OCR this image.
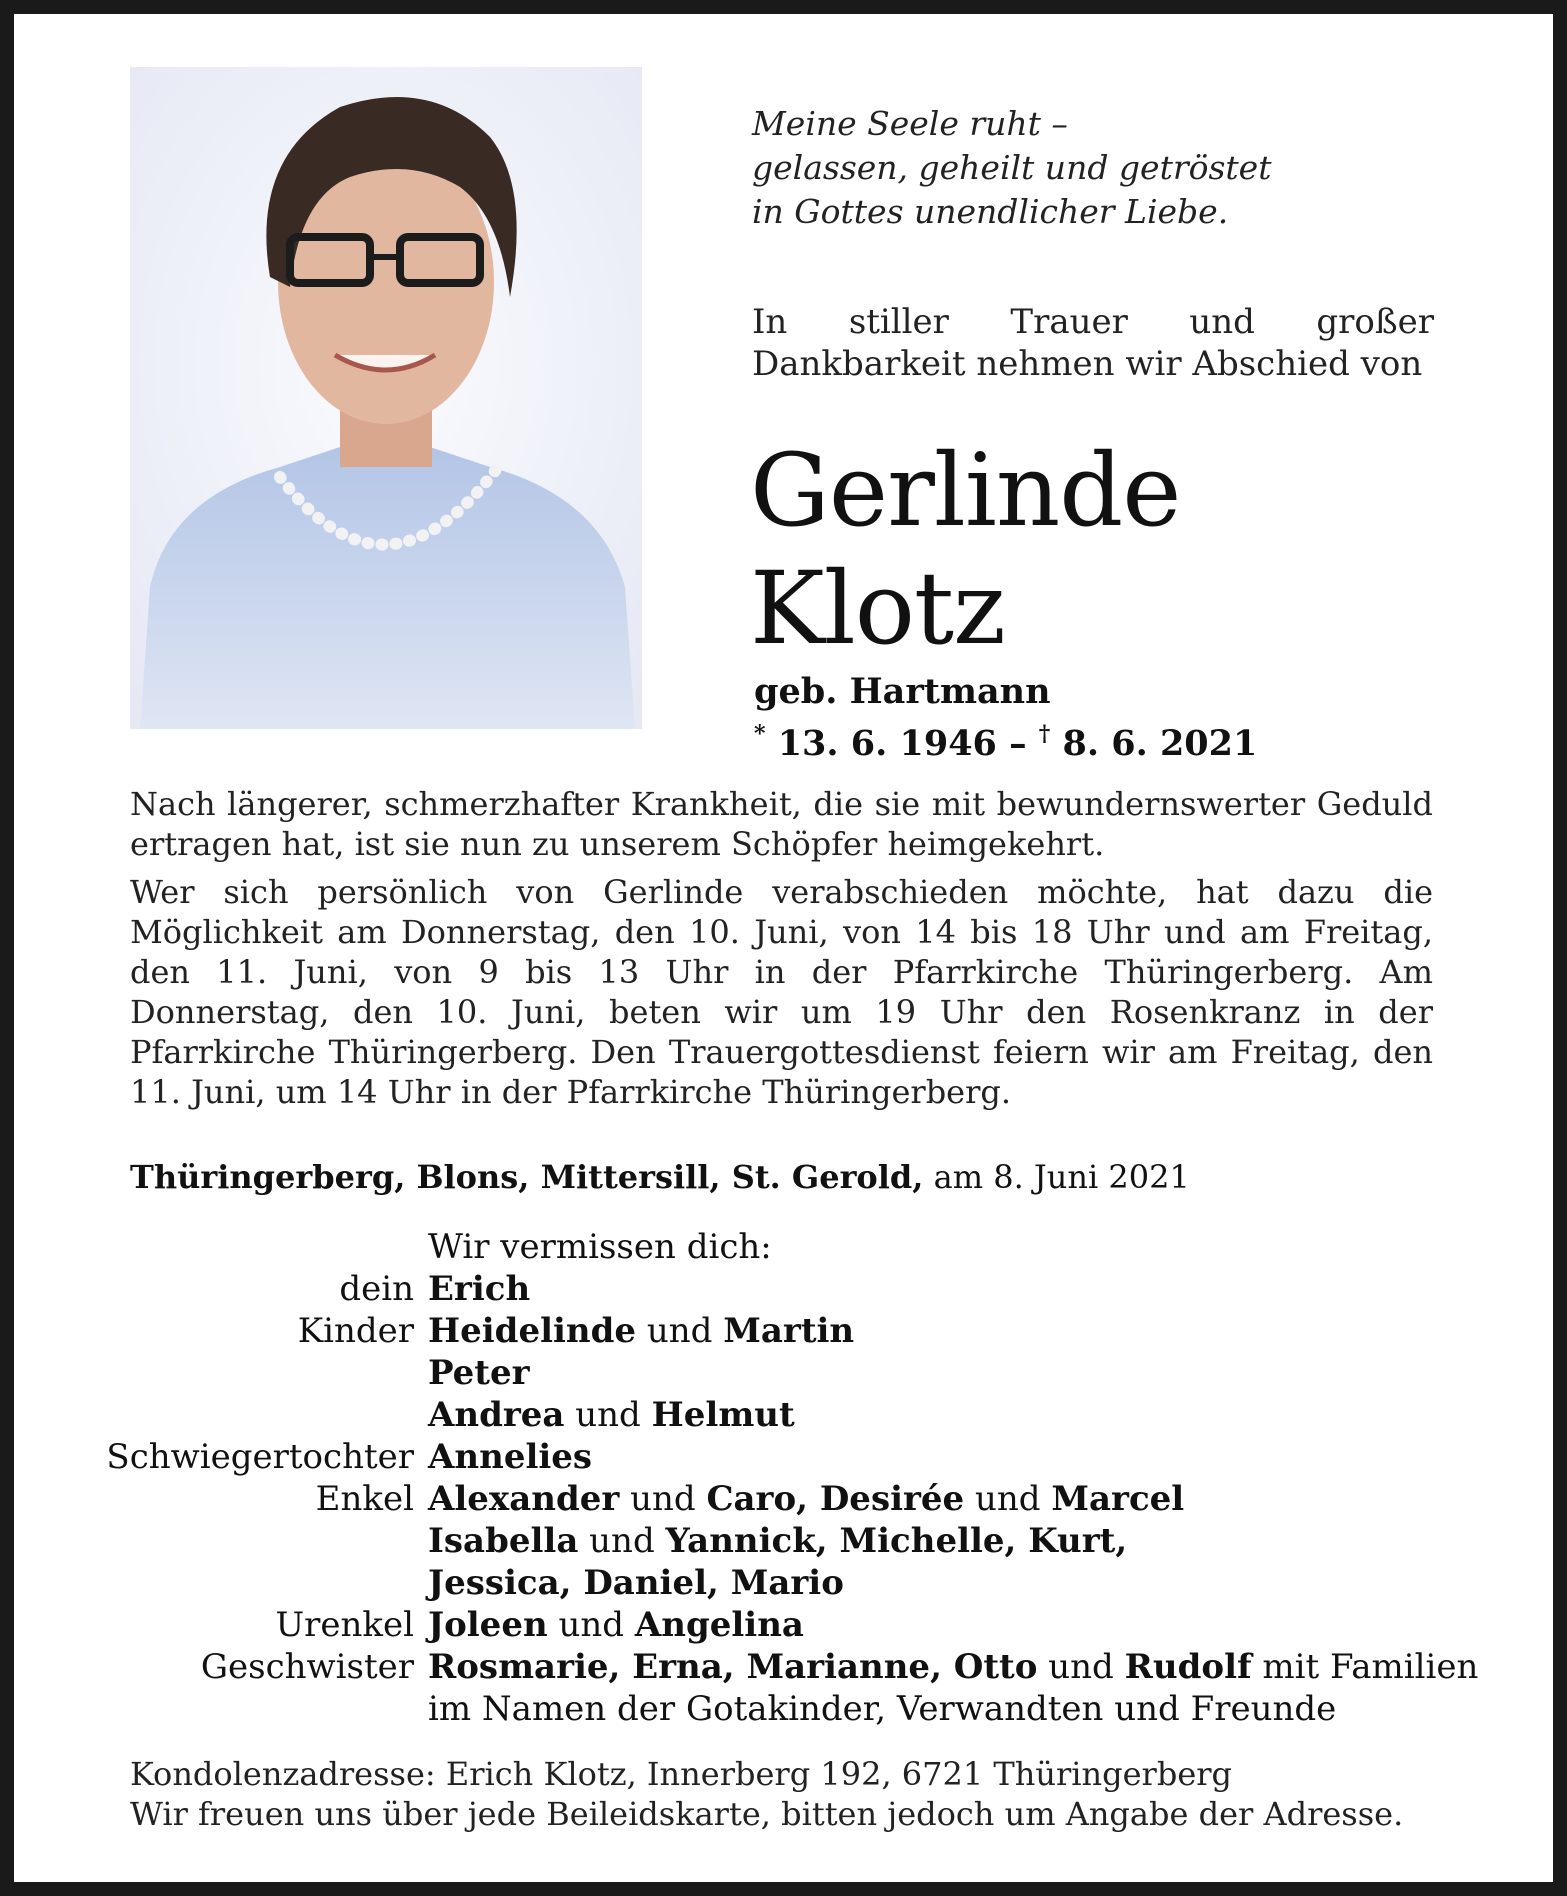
Meine Seele ruht –
gelassen, geheilt und getröstet
in Gottes unendlicher Liebe.
In stiller Trauer und großer Dankbarkeit nehmen wir Abschied von
Gerlinde
Klotz
geb. Hartmann
* 13. 6. 1946 – † 8. 6. 2021

Nach längerer, schmerzhafter Krankheit, die sie mit bewundernswerter Geduld ertragen hat, ist sie nun zu unserem Schöpfer heimgekehrt.

Wer sich persönlich von Gerlinde verabschieden möchte, hat dazu die Möglichkeit am Donnerstag, den 10. Juni, von 14 bis 18 Uhr und am Freitag, den 11. Juni, von 9 bis 13 Uhr in der Pfarrkirche Thüringerberg. Am Donnerstag, den 10. Juni, beten wir um 19 Uhr den Rosenkranz in der Pfarrkirche Thüringerberg. Den Trauergottesdienst feiern wir am Freitag, den 11. Juni, um 14 Uhr in der Pfarrkirche Thüringerberg.

Thüringerberg, Blons, Mittersill, St. Gerold, am 8. Juni 2021
Wir vermissen dich:
dein Erich
Kinder Heidelinde und Martin
Peter
Andrea und Helmut
Schwiegertochter Annelies
Enkel Alexander und Caro, Desirée und Marcel
Isabella und Yannick, Michelle, Kurt,
Jessica, Daniel, Mario
Urenkel Joleen und Angelina
Geschwister Rosmarie, Erna, Marianne, Otto und Rudolf mit Familien
im Namen der Gotakinder, Verwandten und Freunde
Kondolenzadresse: Erich Klotz, Innerberg 192, 6721 Thüringerberg
Wir freuen uns über jede Beileidskarte, bitten jedoch um Angabe der Adresse.
